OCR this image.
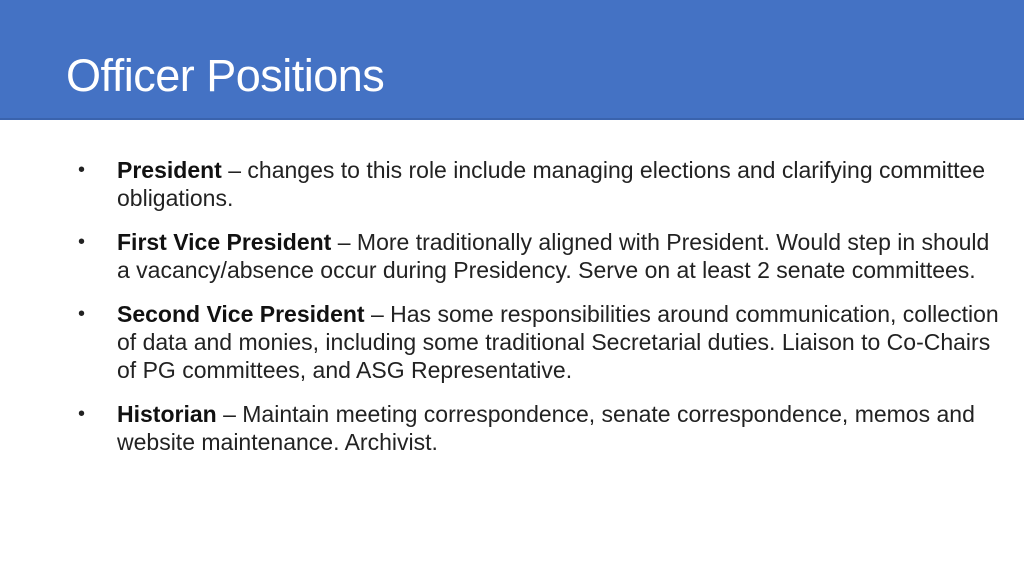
Officer Positions
• President – changes to this role include managing elections and clarifying committee obligations.
• First Vice President – More traditionally aligned with President. Would step in should a vacancy/absence occur during Presidency. Serve on at least 2 senate committees.
• Second Vice President – Has some responsibilities around communication, collection of data and monies, including some traditional Secretarial duties. Liaison to Co-Chairs of PG committees, and ASG Representative.
• Historian – Maintain meeting correspondence, senate correspondence, memos and website maintenance. Archivist.
